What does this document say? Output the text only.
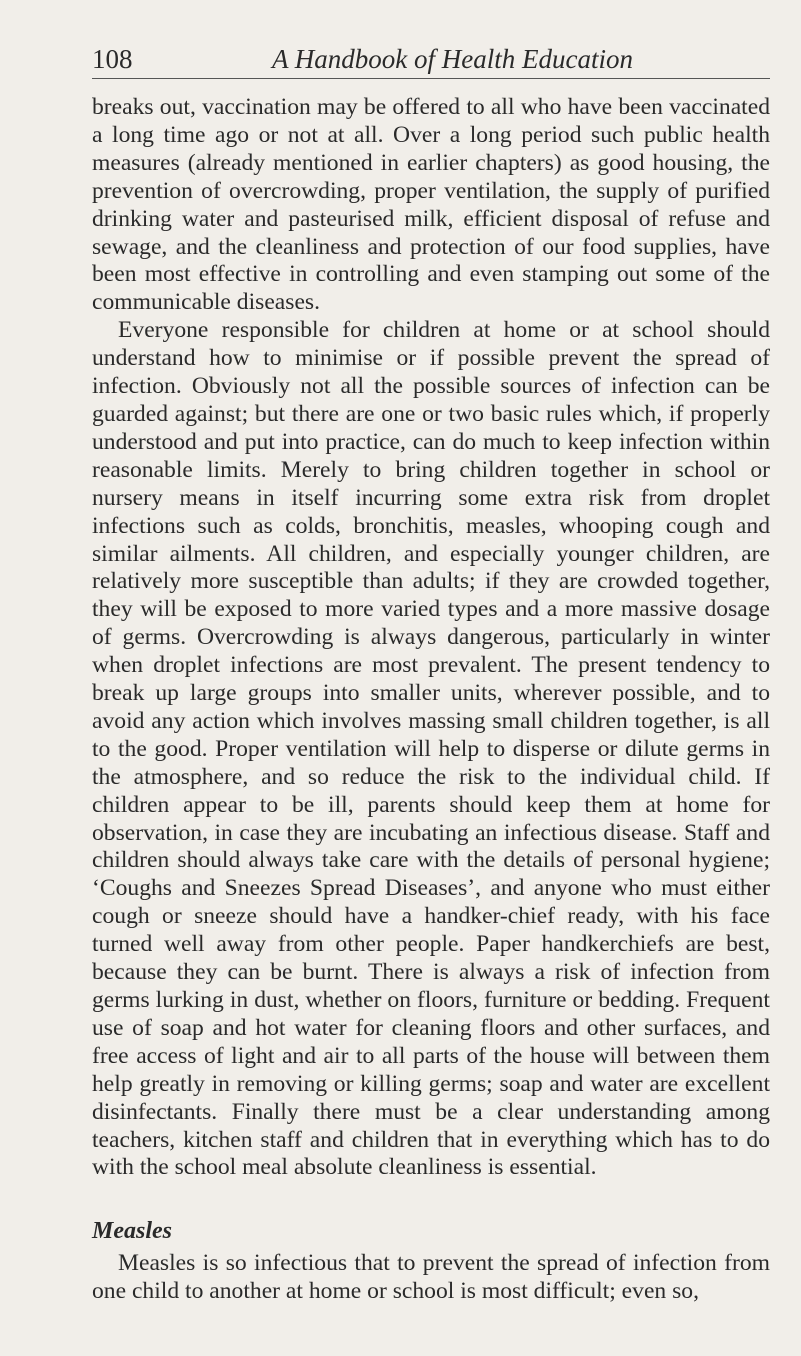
108	A Handbook of Health Education

breaks out, vaccination may be offered to all who have been vaccinated a long time ago or not at all. Over a long period such public health measures (already mentioned in earlier chapters) as good housing, the prevention of overcrowding, proper ventilation, the supply of purified drinking water and pasteurised milk, efficient disposal of refuse and sewage, and the cleanliness and protection of our food supplies, have been most effective in controlling and even stamping out some of the communicable diseases.

Everyone responsible for children at home or at school should understand how to minimise or if possible prevent the spread of infection. Obviously not all the possible sources of infection can be guarded against; but there are one or two basic rules which, if properly understood and put into practice, can do much to keep infection within reasonable limits. Merely to bring children together in school or nursery means in itself incurring some extra risk from droplet infections such as colds, bronchitis, measles, whooping cough and similar ailments. All children, and especially younger children, are relatively more susceptible than adults; if they are crowded together, they will be exposed to more varied types and a more massive dosage of germs. Overcrowding is always dangerous, particularly in winter when droplet infections are most prevalent. The present tendency to break up large groups into smaller units, wherever possible, and to avoid any action which involves massing small children together, is all to the good. Proper ventilation will help to disperse or dilute germs in the atmosphere, and so reduce the risk to the individual child. If children appear to be ill, parents should keep them at home for observation, in case they are incubating an infectious disease. Staff and children should always take care with the details of personal hygiene; ‘Coughs and Sneezes Spread Diseases’, and anyone who must either cough or sneeze should have a handker-chief ready, with his face turned well away from other people. Paper handkerchiefs are best, because they can be burnt. There is always a risk of infection from germs lurking in dust, whether on floors, furniture or bedding. Frequent use of soap and hot water for cleaning floors and other surfaces, and free access of light and air to all parts of the house will between them help greatly in removing or killing germs; soap and water are excellent disinfectants. Finally there must be a clear understanding among teachers, kitchen staff and children that in everything which has to do with the school meal absolute cleanliness is essential.

Measles

Measles is so infectious that to prevent the spread of infection from one child to another at home or school is most difficult; even so,
